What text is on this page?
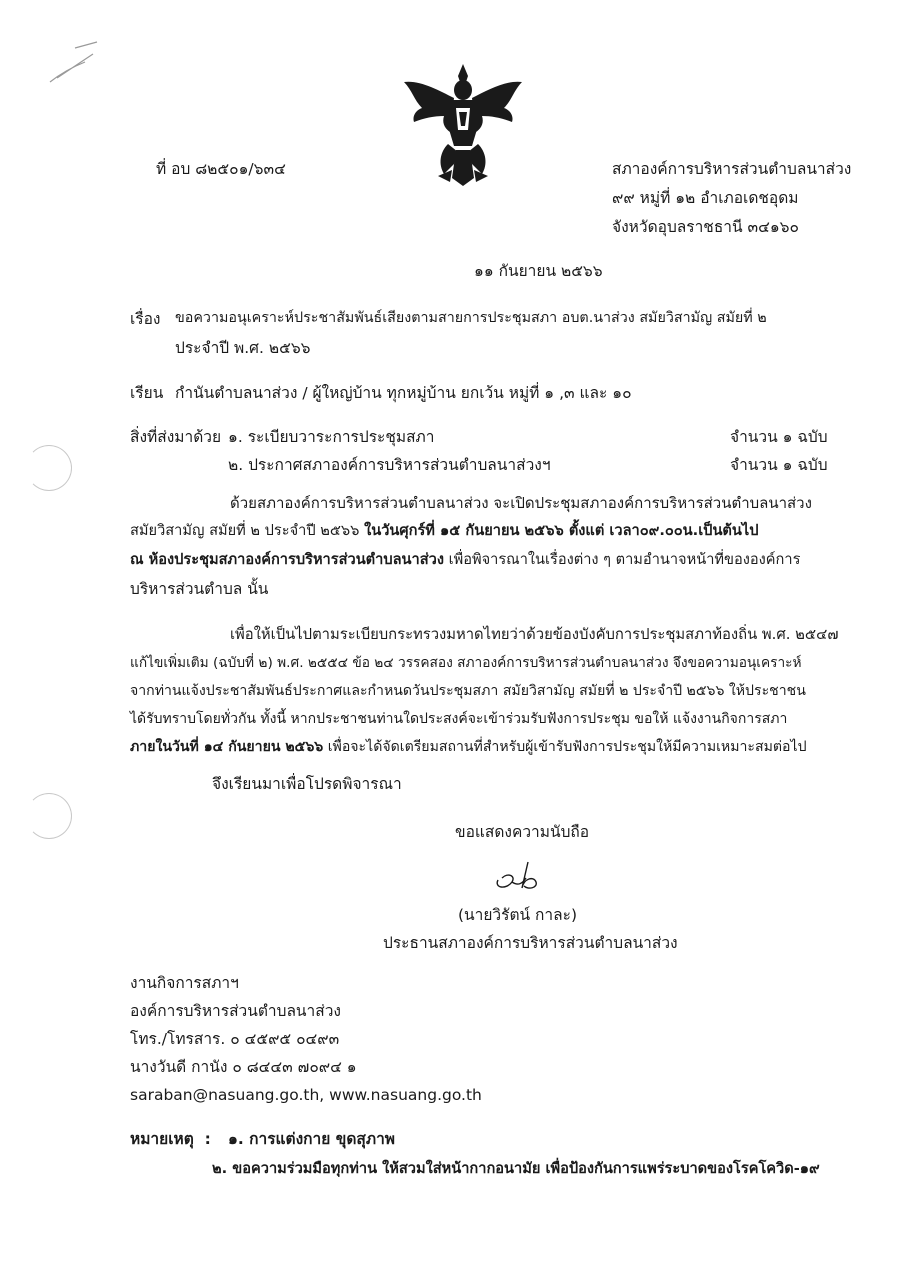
ที่ อบ ๘๒๕๐๑/๖๓๔	สภาองค์การบริหารส่วนตำบลนาส่วง
๙๙ หมู่ที่ ๑๒ อำเภอเดชอุดม
จังหวัดอุบลราชธานี ๓๔๑๖๐
๑๑ กันยายน ๒๕๖๖
เรื่อง ขอความอนุเคราะห์ประชาสัมพันธ์เสียงตามสายการประชุมสภา อบต.นาส่วง สมัยวิสามัญ สมัยที่ ๒
ประจำปี พ.ศ. ๒๕๖๖
เรียน กำนันตำบลนาส่วง / ผู้ใหญ่บ้าน ทุกหมู่บ้าน ยกเว้น หมู่ที่ ๑ ,๓ และ ๑๐
สิ่งที่ส่งมาด้วย ๑. ระเบียบวาระการประชุมสภา	จำนวน ๑ ฉบับ
๒. ประกาศสภาองค์การบริหารส่วนตำบลนาส่วงฯ	จำนวน ๑ ฉบับ
ด้วยสภาองค์การบริหารส่วนตำบลนาส่วง จะเปิดประชุมสภาองค์การบริหารส่วนตำบลนาส่วง
สมัยวิสามัญ สมัยที่ ๒ ประจำปี ๒๕๖๖ ในวันศุกร์ที่ ๑๕ กันยายน ๒๕๖๖ ตั้งแต่ เวลา๐๙.๐๐น.เป็นต้นไป
ณ ห้องประชุมสภาองค์การบริหารส่วนตำบลนาส่วง เพื่อพิจารณาในเรื่องต่าง ๆ ตามอำนาจหน้าที่ขององค์การ
บริหารส่วนตำบล นั้น
เพื่อให้เป็นไปตามระเบียบกระทรวงมหาดไทยว่าด้วยข้องบังคับการประชุมสภาท้องถิ่น พ.ศ. ๒๕๔๗
แก้ไขเพิ่มเติม (ฉบับที่ ๒) พ.ศ. ๒๕๕๔ ข้อ ๒๔ วรรคสอง สภาองค์การบริหารส่วนตำบลนาส่วง จึงขอความอนุเคราะห์
จากท่านแจ้งประชาสัมพันธ์ประกาศและกำหนดวันประชุมสภา สมัยวิสามัญ สมัยที่ ๒ ประจำปี ๒๕๖๖ ให้ประชาชน
ได้รับทราบโดยทั่วกัน ทั้งนี้ หากประชาชนท่านใดประสงค์จะเข้าร่วมรับฟังการประชุม ขอให้ แจ้งงานกิจการสภา
ภายในวันที่ ๑๔ กันยายน ๒๕๖๖ เพื่อจะได้จัดเตรียมสถานที่สำหรับผู้เข้ารับฟังการประชุมให้มีความเหมาะสมต่อไป
จึงเรียนมาเพื่อโปรดพิจารณา
ขอแสดงความนับถือ
(นายวิรัตน์ กาละ)
ประธานสภาองค์การบริหารส่วนตำบลนาส่วง
งานกิจการสภาฯ
องค์การบริหารส่วนตำบลนาส่วง
โทร./โทรสาร. ๐ ๔๕๙๕ ๐๔๙๓
นางวันดี กานัง ๐ ๘๔๔๓ ๗๐๙๔ ๑
saraban@nasuang.go.th, www.nasuang.go.th
หมายเหตุ  : ๑. การแต่งกาย ขุดสุภาพ
๒. ขอความร่วมมือทุกท่าน ให้สวมใส่หน้ากากอนามัย เพื่อป้องกันการแพร่ระบาดของโรคโควิด-๑๙
